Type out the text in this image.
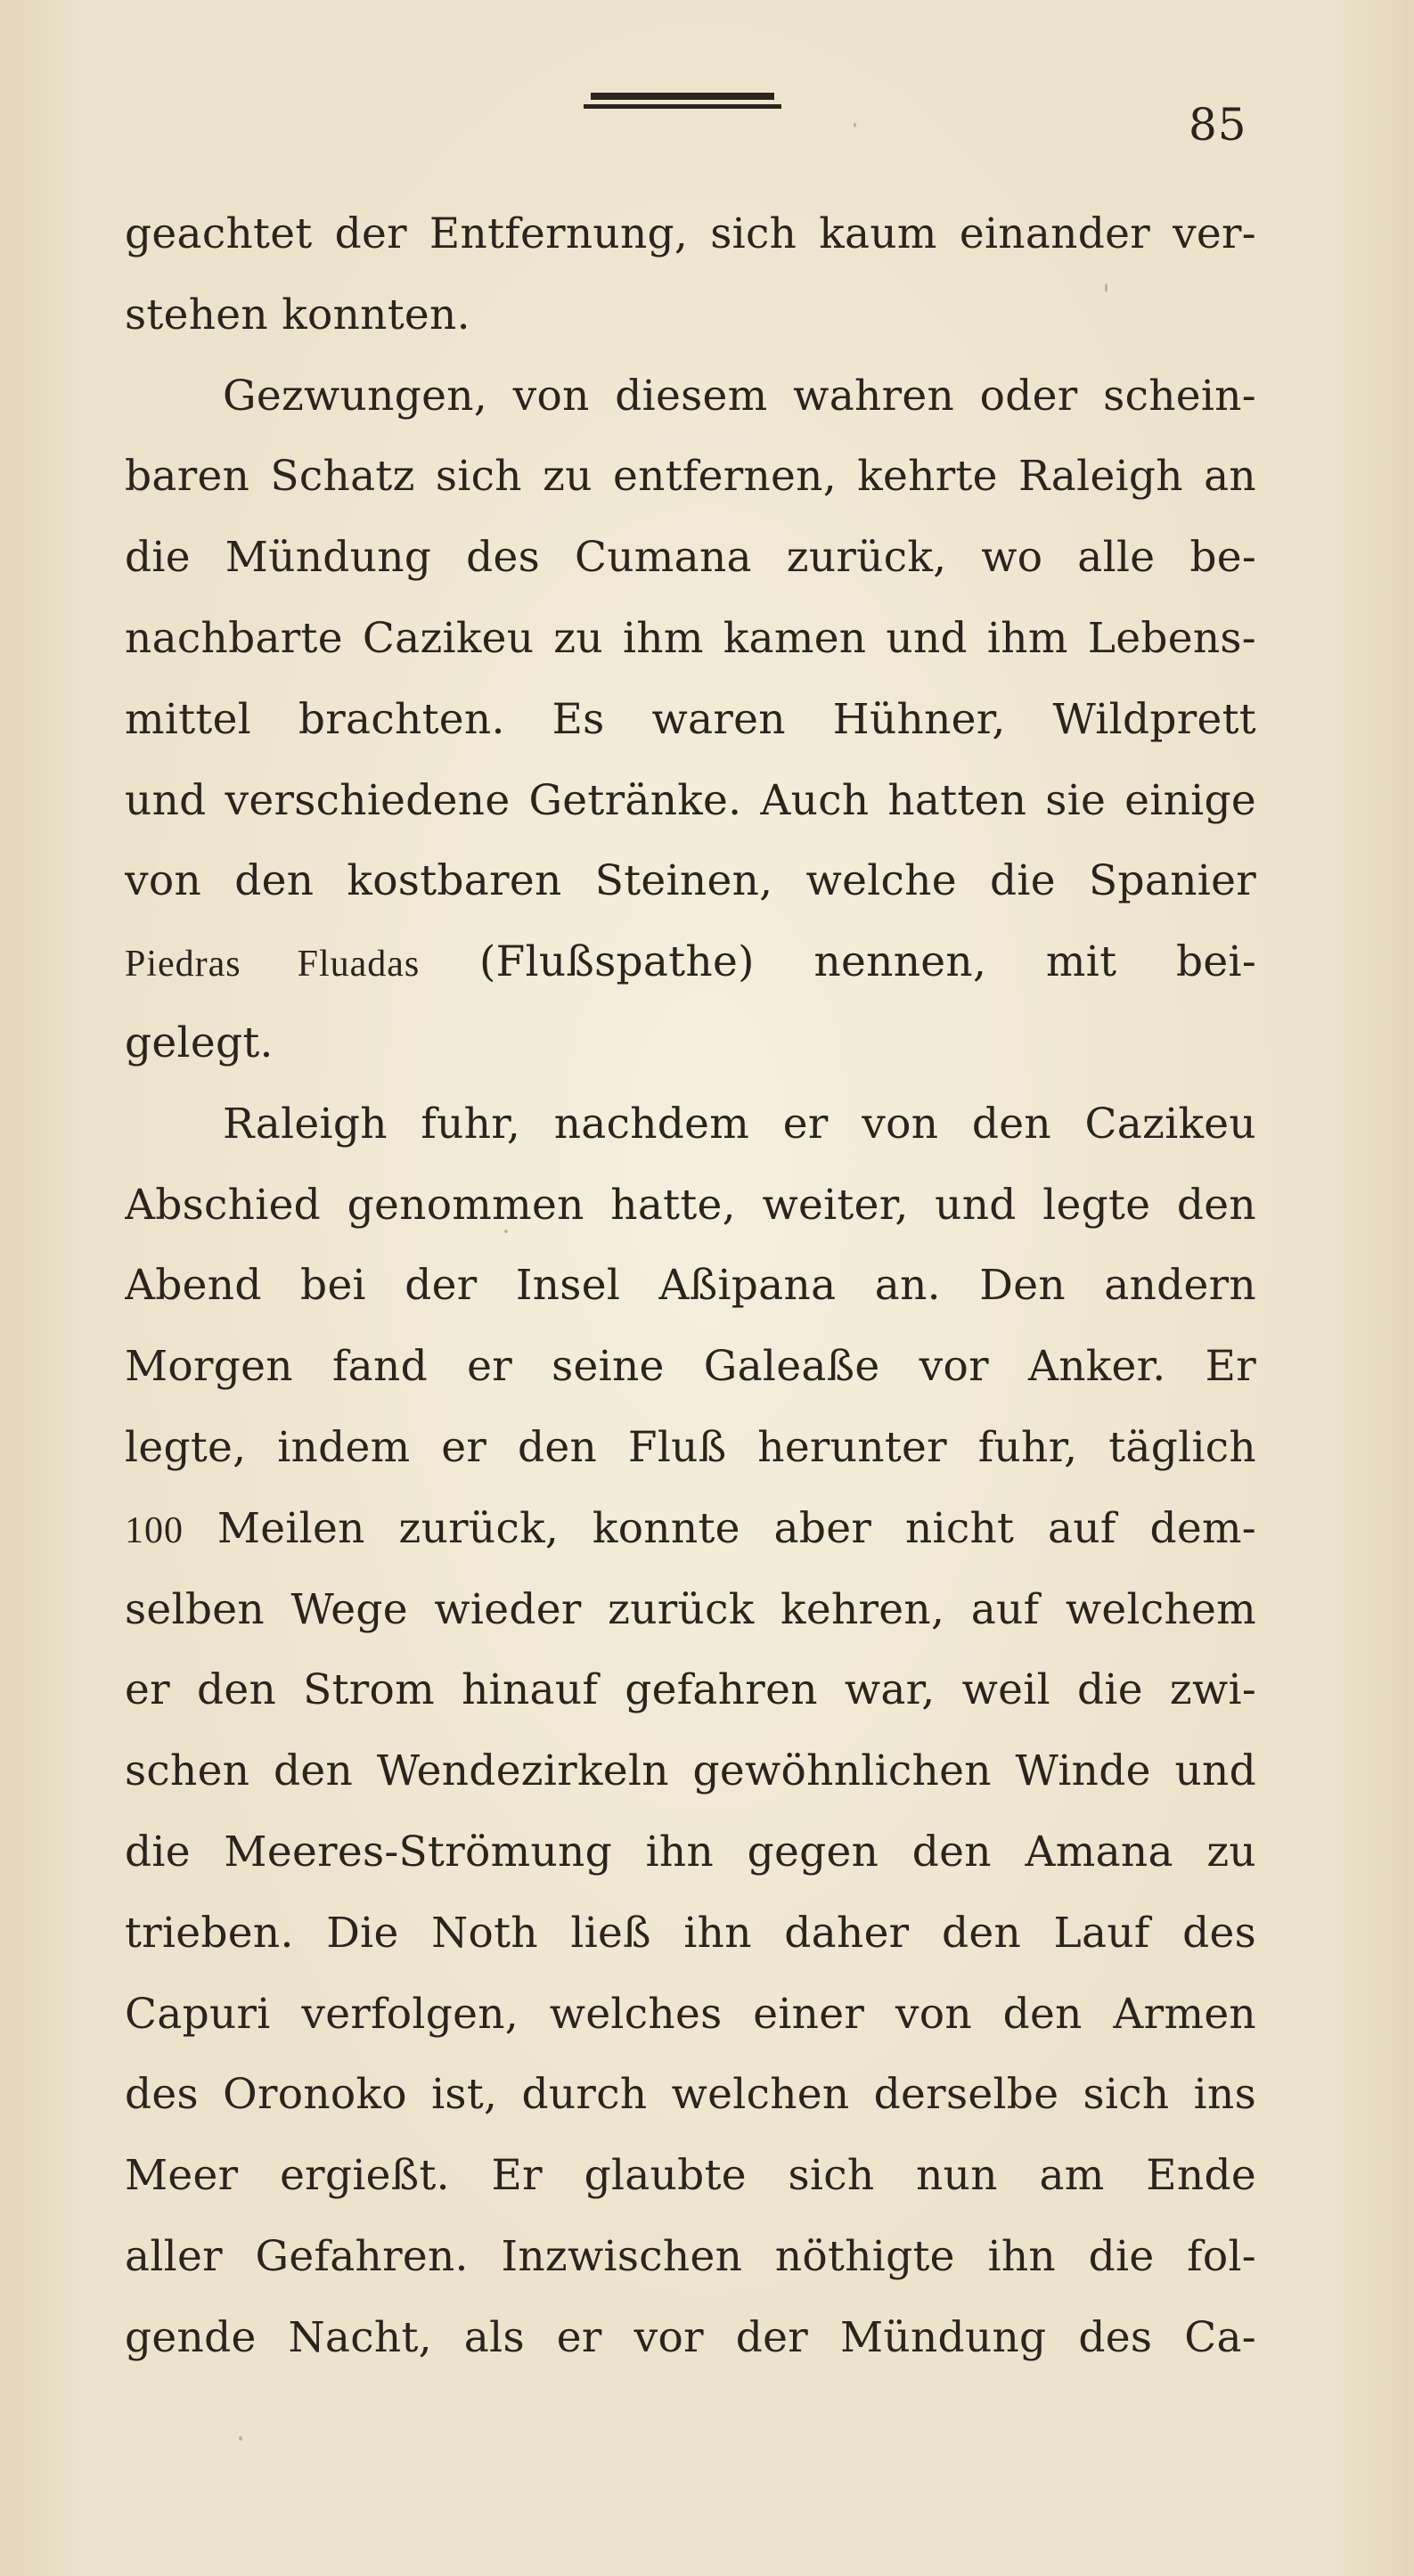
85
geachtet der Entfernung, sich kaum einander ver-
stehen konnten.
Gezwungen, von diesem wahren oder schein-
baren Schatz sich zu entfernen, kehrte Raleigh an
die Mündung des Cumana zurück, wo alle be-
nachbarte Cazikeu zu ihm kamen und ihm Lebens-
mittel brachten. Es waren Hühner, Wildprett
und verschiedene Getränke. Auch hatten sie einige
von den kostbaren Steinen, welche die Spanier
Piedras Fluadas (Flußspathe) nennen, mit bei-
gelegt.
Raleigh fuhr, nachdem er von den Cazikeu
Abschied genommen hatte, weiter, und legte den
Abend bei der Insel Aßipana an. Den andern
Morgen fand er seine Galeaße vor Anker. Er
legte, indem er den Fluß herunter fuhr, täglich
100 Meilen zurück, konnte aber nicht auf dem-
selben Wege wieder zurück kehren, auf welchem
er den Strom hinauf gefahren war, weil die zwi-
schen den Wendezirkeln gewöhnlichen Winde und
die Meeres-Strömung ihn gegen den Amana zu
trieben. Die Noth ließ ihn daher den Lauf des
Capuri verfolgen, welches einer von den Armen
des Oronoko ist, durch welchen derselbe sich ins
Meer ergießt. Er glaubte sich nun am Ende
aller Gefahren. Inzwischen nöthigte ihn die fol-
gende Nacht, als er vor der Mündung des Ca-
